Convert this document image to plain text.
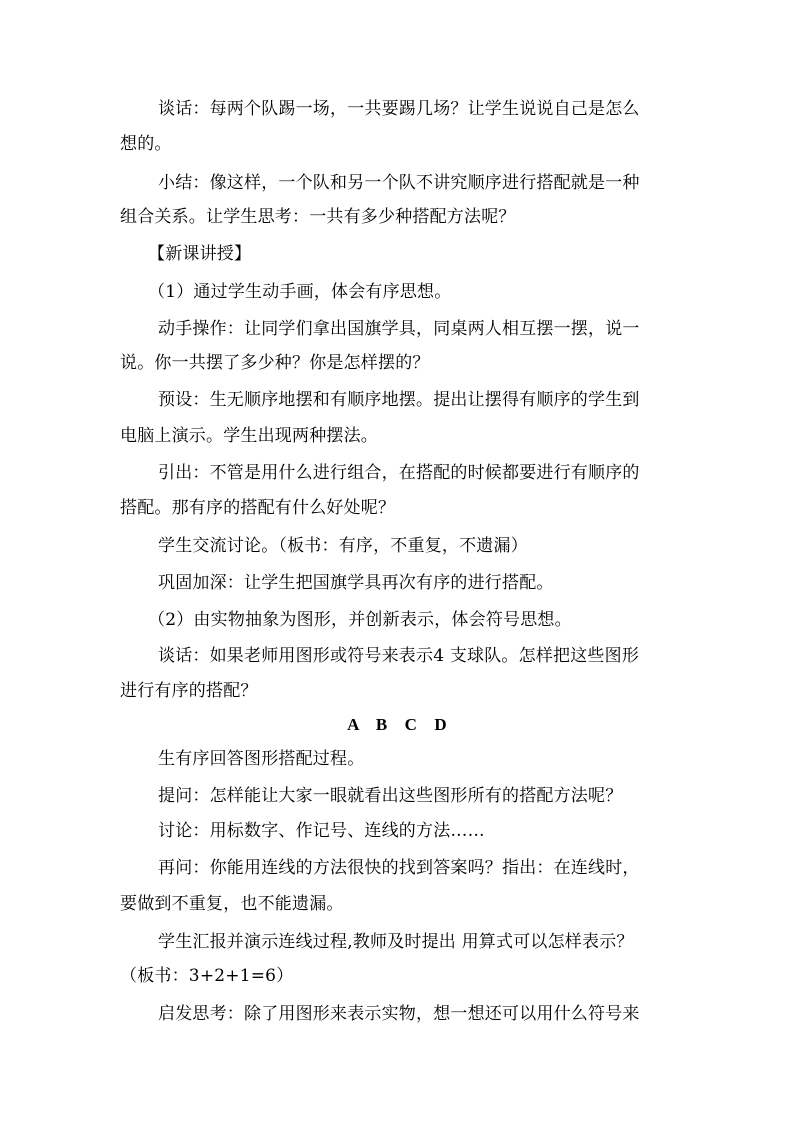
谈话：每两个队踢一场，一共要踢几场？让学生说说自己是怎么
想的。
小结：像这样，一个队和另一个队不讲究顺序进行搭配就是一种
组合关系。让学生思考：一共有多少种搭配方法呢？
【新课讲授】
（1）通过学生动手画，体会有序思想。
动手操作：让同学们拿出国旗学具，同桌两人相互摆一摆，说一
说。你一共摆了多少种？你是怎样摆的？
预设：生无顺序地摆和有顺序地摆。提出让摆得有顺序的学生到
电脑上演示。学生出现两种摆法。
引出：不管是用什么进行组合，在搭配的时候都要进行有顺序的
搭配。那有序的搭配有什么好处呢？
学生交流讨论。（板书：有序，不重复，不遗漏）
巩固加深：让学生把国旗学具再次有序的进行搭配。
（2）由实物抽象为图形，并创新表示，体会符号思想。
谈话：如果老师用图形或符号来表示4 支球队。怎样把这些图形
进行有序的搭配？
A　B　C　D
生有序回答图形搭配过程。
提问：怎样能让大家一眼就看出这些图形所有的搭配方法呢？
讨论：用标数字、作记号、连线的方法……
再问：你能用连线的方法很快的找到答案吗？指出：在连线时，
要做到不重复，也不能遗漏。
学生汇报并演示连线过程,教师及时提出 用算式可以怎样表示？
（板书：3+2+1=6）
启发思考：除了用图形来表示实物，想一想还可以用什么符号来
